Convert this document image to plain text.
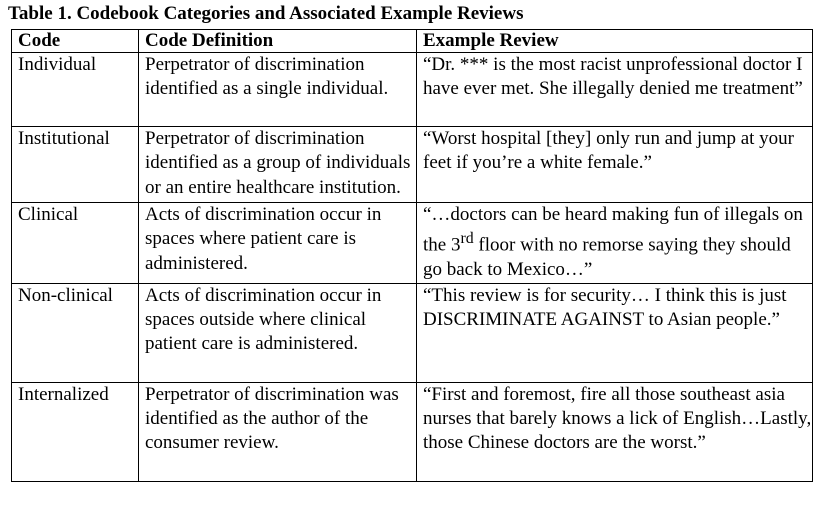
Table 1. Codebook Categories and Associated Example Reviews
Code	Code Definition	Example Review

Individual	Perpetrator of discrimination identified as a single individual.	“Dr. *** is the most racist unprofessional doctor I have ever met. She illegally denied me treatment”

Institutional	Perpetrator of discrimination identified as a group of individuals or an entire healthcare institution.	“Worst hospital [they] only run and jump at your feet if you’re a white female.”

Clinical	Acts of discrimination occur in spaces where patient care is administered.	“…doctors can be heard making fun of illegals on the 3rd floor with no remorse saying they should go back to Mexico…”

Non-clinical	Acts of discrimination occur in spaces outside where clinical patient care is administered.	“This review is for security… I think this is just DISCRIMINATE AGAINST to Asian people.”

Internalized	Perpetrator of discrimination was identified as the author of the consumer review.	“First and foremost, fire all those southeast asia nurses that barely knows a lick of English…Lastly, those Chinese doctors are the worst.”
